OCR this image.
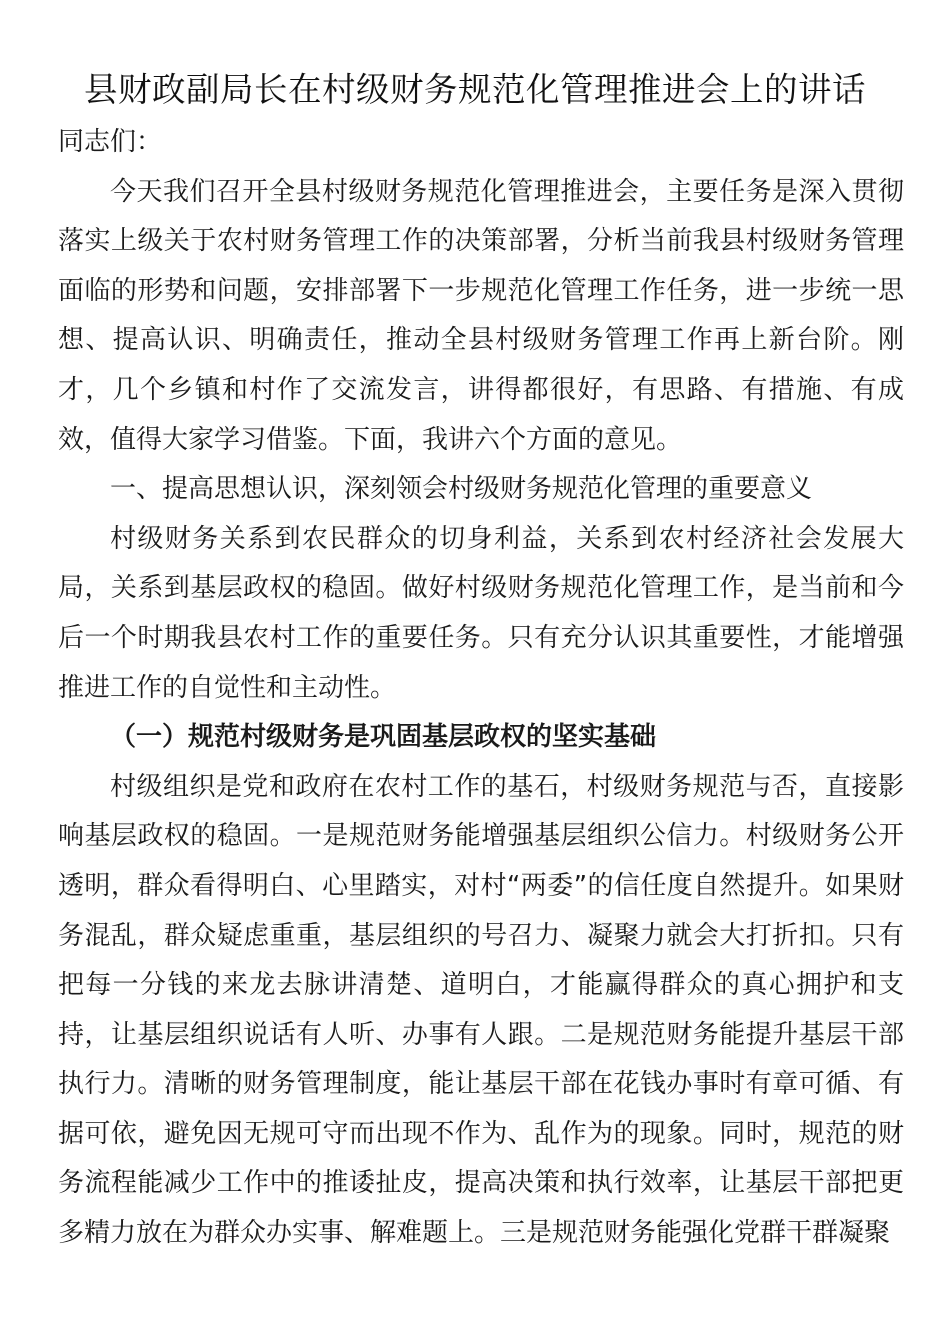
县财政副局长在村级财务规范化管理推进会上的讲话

同志们：

今天我们召开全县村级财务规范化管理推进会，主要任务是深入贯彻落实上级关于农村财务管理工作的决策部署，分析当前我县村级财务管理面临的形势和问题，安排部署下一步规范化管理工作任务，进一步统一思想、提高认识、明确责任，推动全县村级财务管理工作再上新台阶。刚才，几个乡镇和村作了交流发言，讲得都很好，有思路、有措施、有成效，值得大家学习借鉴。下面，我讲六个方面的意见。

一、提高思想认识，深刻领会村级财务规范化管理的重要意义

村级财务关系到农民群众的切身利益，关系到农村经济社会发展大局，关系到基层政权的稳固。做好村级财务规范化管理工作，是当前和今后一个时期我县农村工作的重要任务。只有充分认识其重要性，才能增强推进工作的自觉性和主动性。

（一）规范村级财务是巩固基层政权的坚实基础

村级组织是党和政府在农村工作的基石，村级财务规范与否，直接影响基层政权的稳固。一是规范财务能增强基层组织公信力。村级财务公开透明，群众看得明白、心里踏实，对村“两委”的信任度自然提升。如果财务混乱，群众疑虑重重，基层组织的号召力、凝聚力就会大打折扣。只有把每一分钱的来龙去脉讲清楚、道明白，才能赢得群众的真心拥护和支持，让基层组织说话有人听、办事有人跟。二是规范财务能提升基层干部执行力。清晰的财务管理制度，能让基层干部在花钱办事时有章可循、有据可依，避免因无规可守而出现不作为、乱作为的现象。同时，规范的财务流程能减少工作中的推诿扯皮，提高决策和执行效率，让基层干部把更多精力放在为群众办实事、解难题上。三是规范财务能强化党群干群凝聚
